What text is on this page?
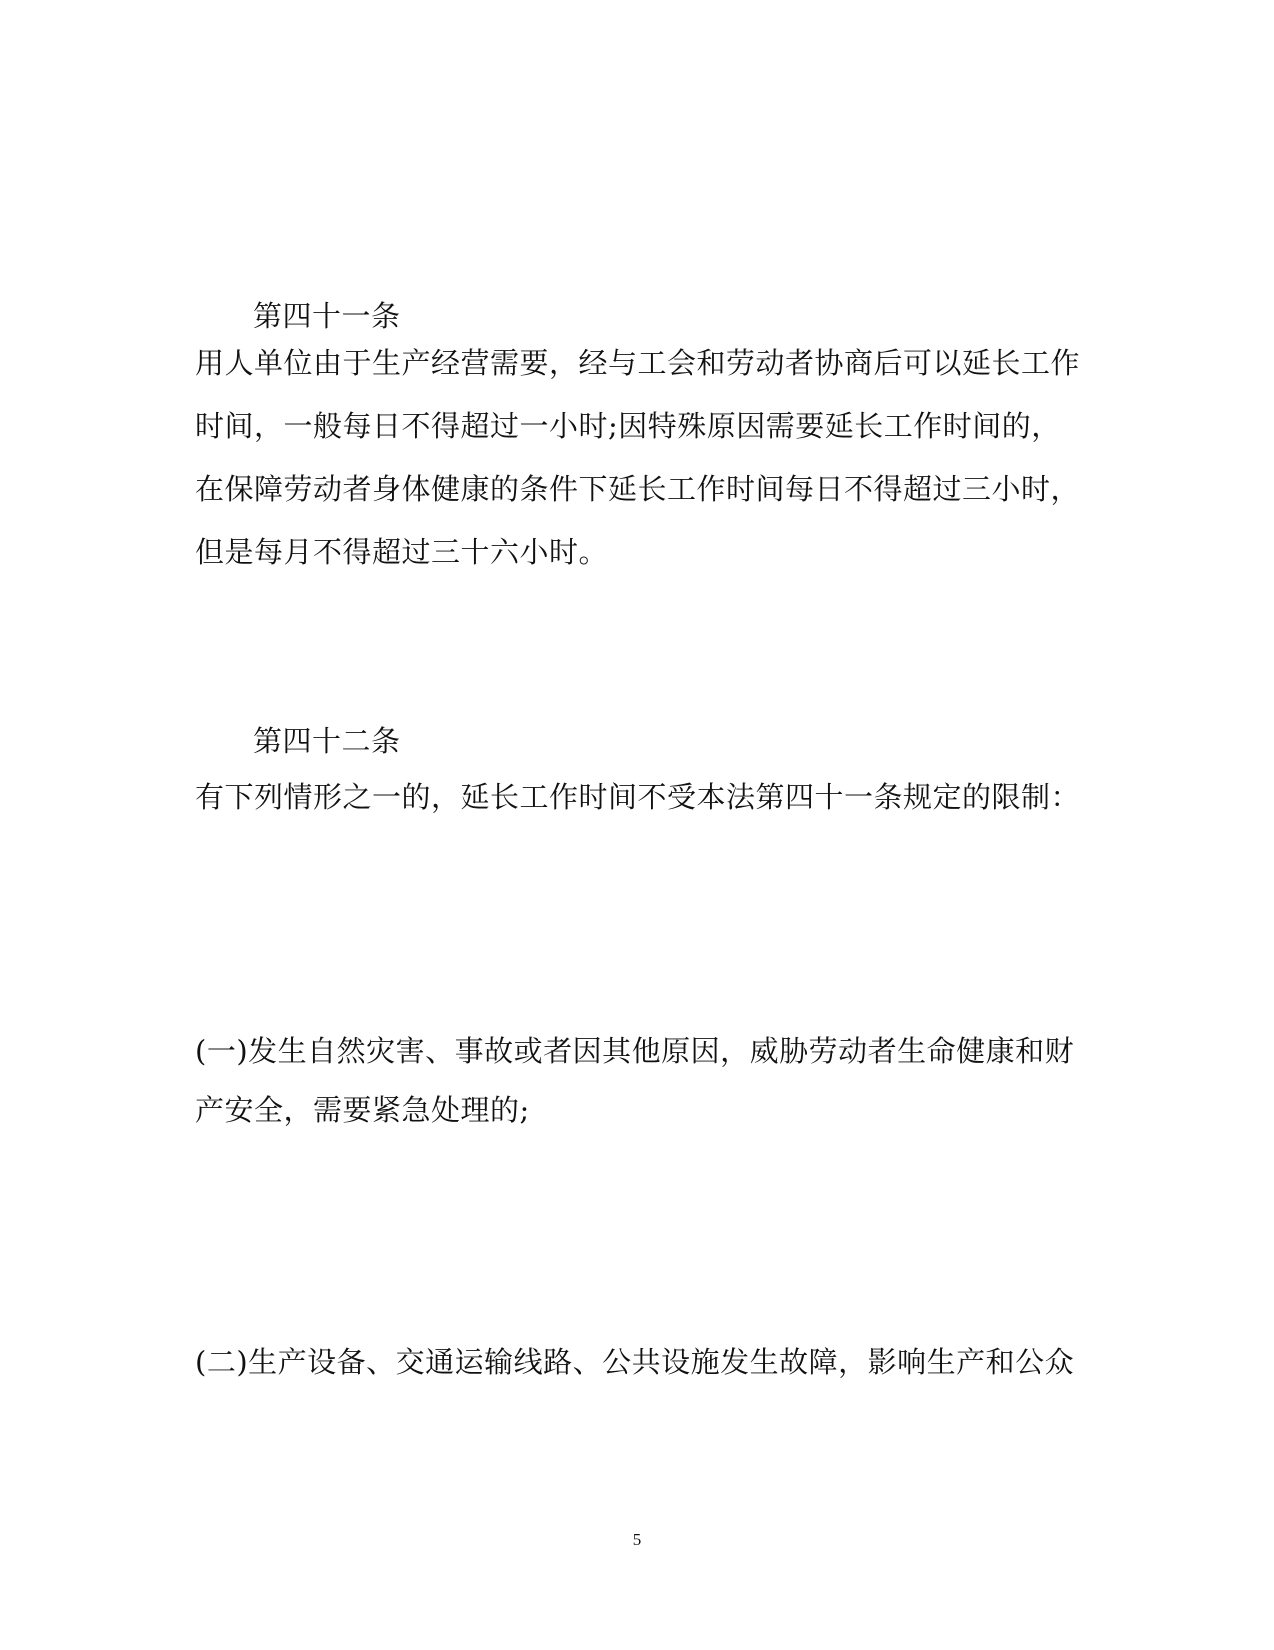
第四十一条
用人单位由于生产经营需要，经与工会和劳动者协商后可以延长工作
时间，一般每日不得超过一小时;因特殊原因需要延长工作时间的，
在保障劳动者身体健康的条件下延长工作时间每日不得超过三小时，
但是每月不得超过三十六小时。
第四十二条
有下列情形之一的，延长工作时间不受本法第四十一条规定的限制：
(一)发生自然灾害、事故或者因其他原因，威胁劳动者生命健康和财
产安全，需要紧急处理的;
(二)生产设备、交通运输线路、公共设施发生故障，影响生产和公众
5
